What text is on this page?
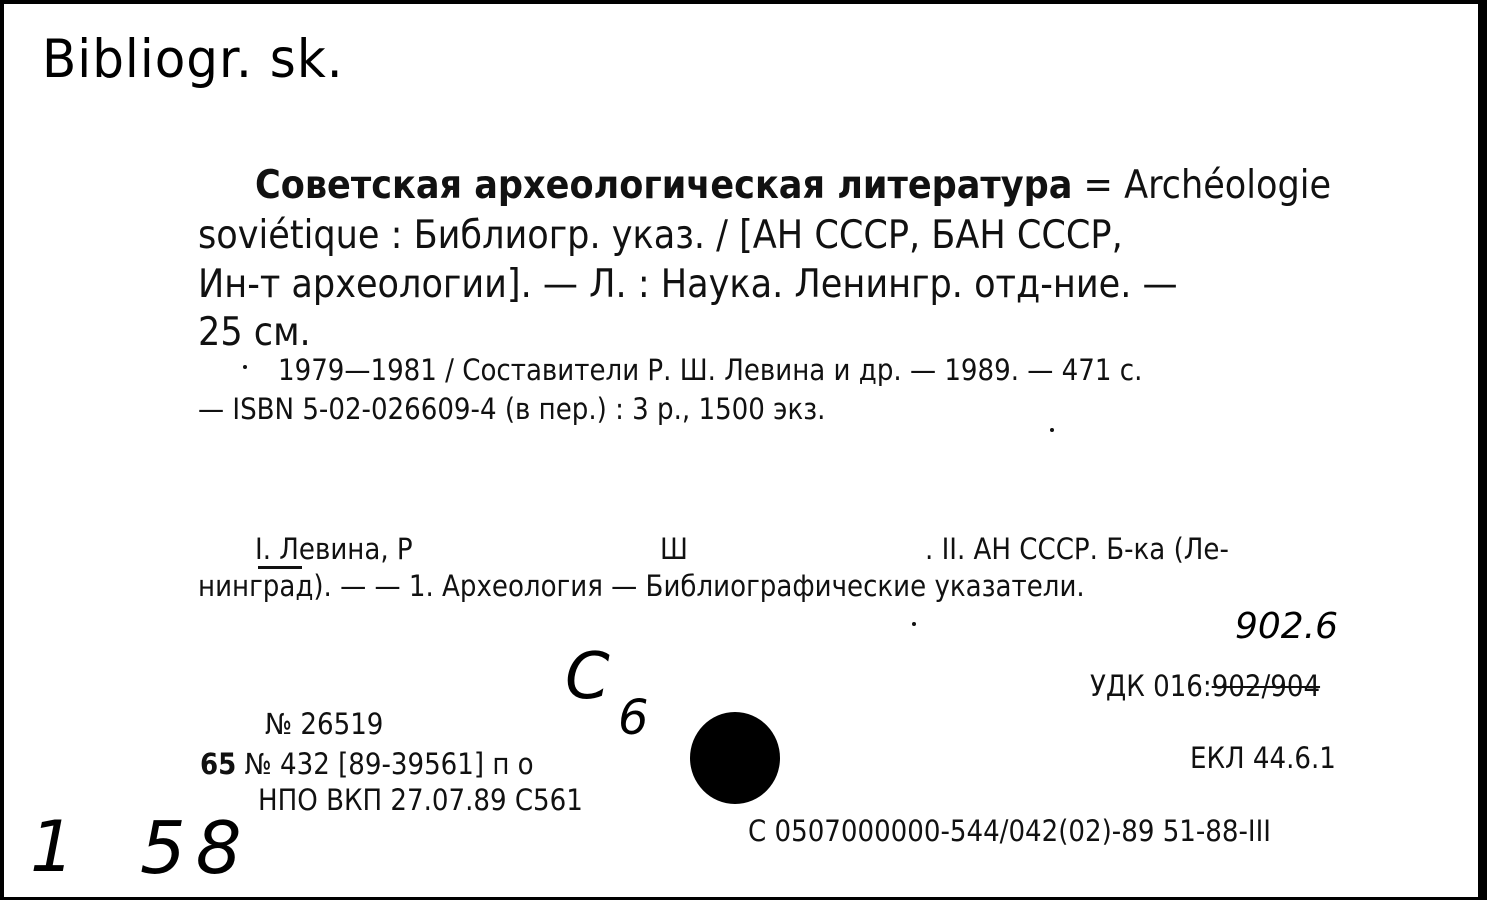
Bibliogr. sk.
902.6
С
6
1 58
Советская археологическая литература = Archéologie
soviétique : Библиогр. указ. / [АН СССР, БАН СССР,
Ин-т археологии]. — Л. : Наука. Ленингр. отд-ние. —
25 см.
1979—1981 / Составители Р. Ш. Левина и др. — 1989. — 471 с.
— ISBN 5-02-026609-4 (в пер.) : 3 р., 1500 экз.
I. Левина, Р	Ш	. II. АН СССР. Б-ка (Ле-
нинград). — — 1. Археология — Библиографические указатели.
УДК 016:902/904
ЕКЛ 44.6.1
С 0507000000-544/042(02)-89 51-88-III
№ 26519
65 № 432 [89-39561] п о
НПО ВКП 27.07.89 С561
